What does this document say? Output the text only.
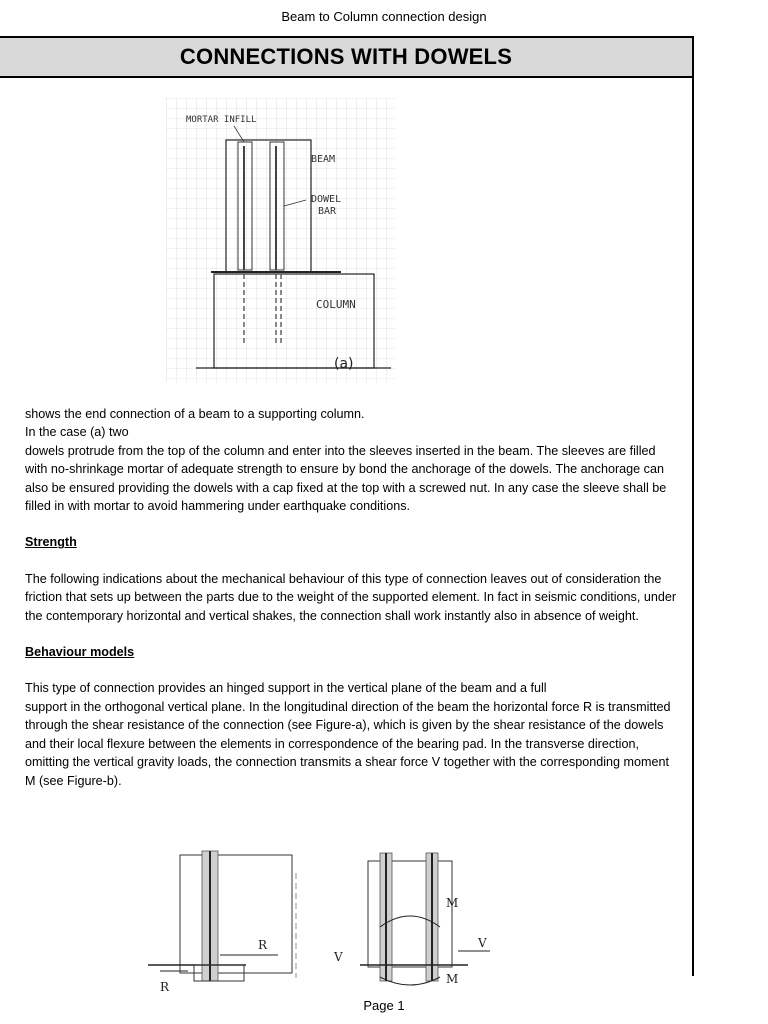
Beam to Column connection design
CONNECTIONS WITH DOWELS
MORTAR INFILL
BEAM
DOWEL
BAR
COLUMN
(a)

shows the end connection of a beam to a supporting column.

In the case (a) two

dowels protrude from the top of the column and enter into the sleeves inserted in the beam. The sleeves are filled with no-shrinkage mortar of adequate strength to ensure by bond the anchorage of the dowels. The anchorage can also be ensured providing the dowels with a cap fixed at the top with a screwed nut. In any case the sleeve shall be filled in with mortar to avoid hammering under earthquake conditions.

Strength

The following indications about the mechanical behaviour of this type of connection leaves out of consideration the friction that sets up between the parts due to the weight of the supported element. In fact in seismic conditions, under the contemporary horizontal and vertical shakes, the connection shall work instantly also in absence of weight.

Behaviour models

This type of connection provides an hinged support in the vertical plane of the beam and a full

support in the orthogonal vertical plane. In the longitudinal direction of the beam the horizontal force R is transmitted through the shear resistance of the connection (see Figure-a), which is given by the shear resistance of the dowels and their local flexure between the elements in correspondence of the bearing pad. In the transverse direction, omitting the vertical gravity loads, the connection transmits a shear force V together with the corresponding moment M (see Figure-b).

R
R
M
M
V
V
Page 1
